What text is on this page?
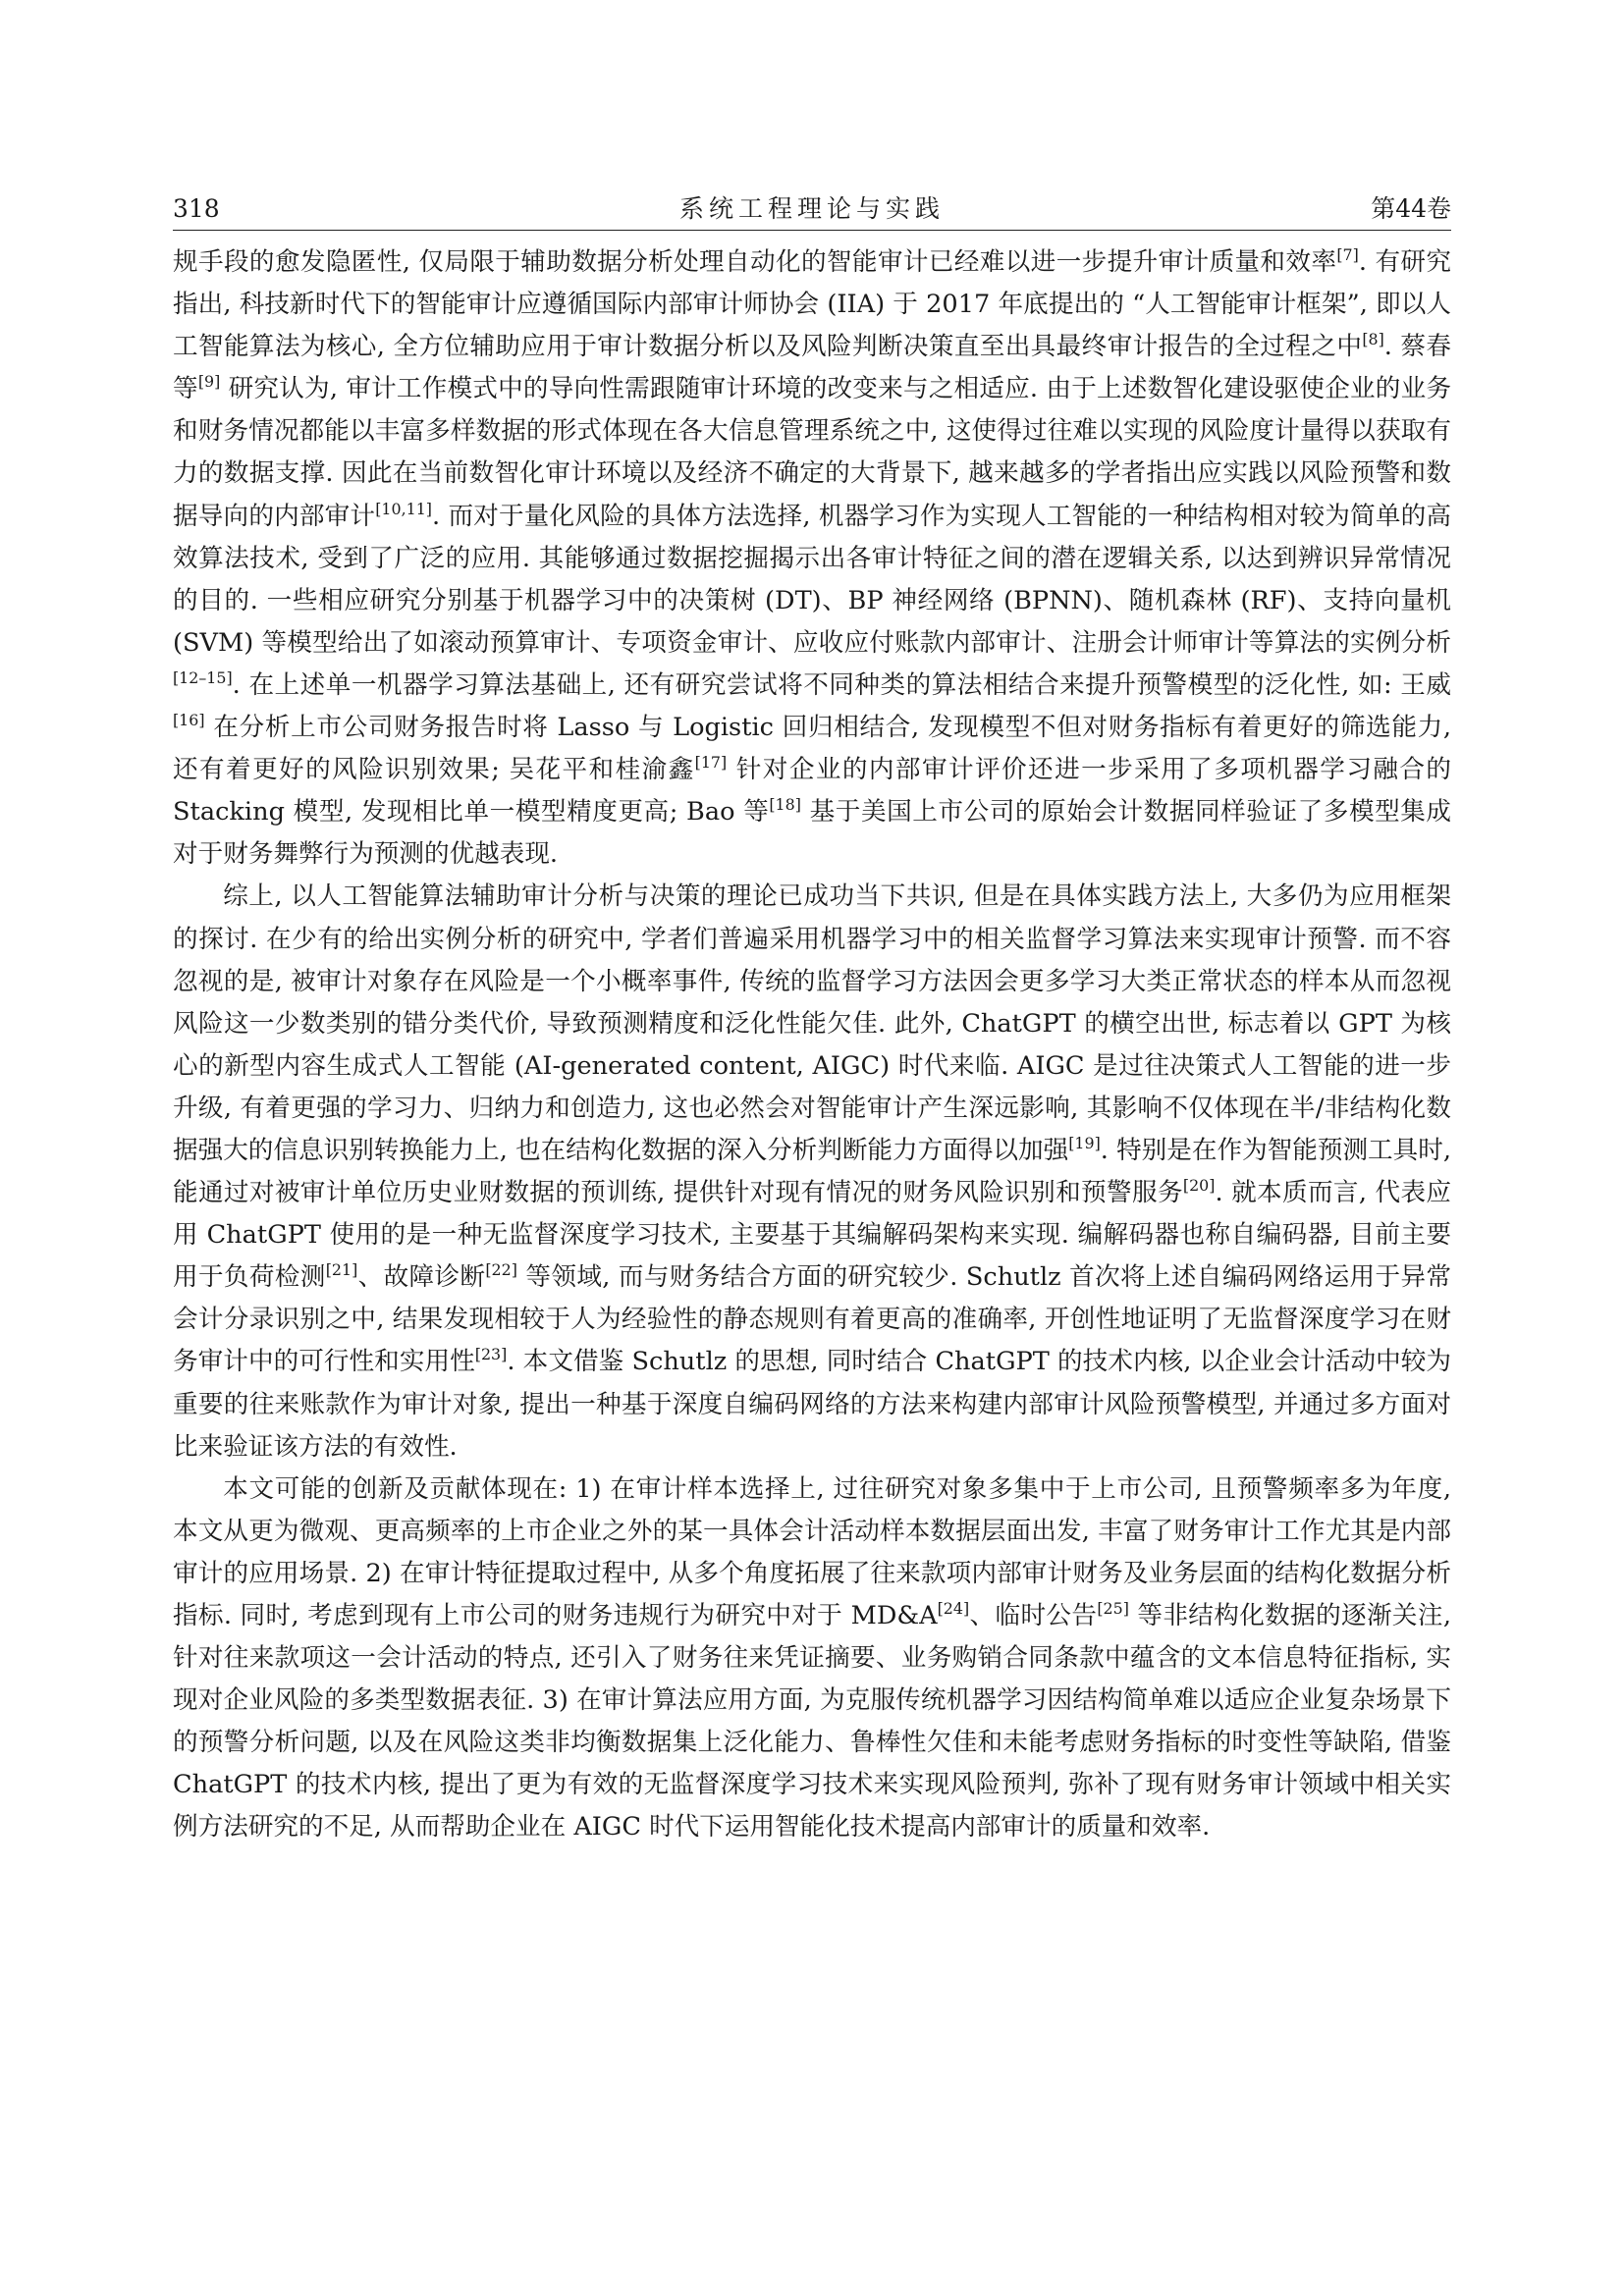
318	系统工程理论与实践	第44卷

规手段的愈发隐匿性, 仅局限于辅助数据分析处理自动化的智能审计已经难以进一步提升审计质量和效率[7]. 有研究指出, 科技新时代下的智能审计应遵循国际内部审计师协会 (IIA) 于 2017 年底提出的 “人工智能审计框架”, 即以人工智能算法为核心, 全方位辅助应用于审计数据分析以及风险判断决策直至出具最终审计报告的全过程之中[8]. 蔡春等[9] 研究认为, 审计工作模式中的导向性需跟随审计环境的改变来与之相适应. 由于上述数智化建设驱使企业的业务和财务情况都能以丰富多样数据的形式体现在各大信息管理系统之中, 这使得过往难以实现的风险度计量得以获取有力的数据支撑. 因此在当前数智化审计环境以及经济不确定的大背景下, 越来越多的学者指出应实践以风险预警和数据导向的内部审计[10,11]. 而对于量化风险的具体方法选择, 机器学习作为实现人工智能的一种结构相对较为简单的高效算法技术, 受到了广泛的应用. 其能够通过数据挖掘揭示出各审计特征之间的潜在逻辑关系, 以达到辨识异常情况的目的. 一些相应研究分别基于机器学习中的决策树 (DT)、BP 神经网络 (BPNN)、随机森林 (RF)、支持向量机 (SVM) 等模型给出了如滚动预算审计、专项资金审计、应收应付账款内部审计、注册会计师审计等算法的实例分析[12–15]. 在上述单一机器学习算法基础上, 还有研究尝试将不同种类的算法相结合来提升预警模型的泛化性, 如: 王威[16] 在分析上市公司财务报告时将 Lasso 与 Logistic 回归相结合, 发现模型不但对财务指标有着更好的筛选能力, 还有着更好的风险识别效果; 吴花平和桂渝鑫[17] 针对企业的内部审计评价还进一步采用了多项机器学习融合的 Stacking 模型, 发现相比单一模型精度更高; Bao 等[18] 基于美国上市公司的原始会计数据同样验证了多模型集成对于财务舞弊行为预测的优越表现.

综上, 以人工智能算法辅助审计分析与决策的理论已成功当下共识, 但是在具体实践方法上, 大多仍为应用框架的探讨. 在少有的给出实例分析的研究中, 学者们普遍采用机器学习中的相关监督学习算法来实现审计预警. 而不容忽视的是, 被审计对象存在风险是一个小概率事件, 传统的监督学习方法因会更多学习大类正常状态的样本从而忽视风险这一少数类别的错分类代价, 导致预测精度和泛化性能欠佳. 此外, ChatGPT 的横空出世, 标志着以 GPT 为核心的新型内容生成式人工智能 (AI-generated content, AIGC) 时代来临. AIGC 是过往决策式人工智能的进一步升级, 有着更强的学习力、归纳力和创造力, 这也必然会对智能审计产生深远影响, 其影响不仅体现在半/非结构化数据强大的信息识别转换能力上, 也在结构化数据的深入分析判断能力方面得以加强[19]. 特别是在作为智能预测工具时, 能通过对被审计单位历史业财数据的预训练, 提供针对现有情况的财务风险识别和预警服务[20]. 就本质而言, 代表应用 ChatGPT 使用的是一种无监督深度学习技术, 主要基于其编解码架构来实现. 编解码器也称自编码器, 目前主要用于负荷检测[21]、故障诊断[22] 等领域, 而与财务结合方面的研究较少. Schutlz 首次将上述自编码网络运用于异常会计分录识别之中, 结果发现相较于人为经验性的静态规则有着更高的准确率, 开创性地证明了无监督深度学习在财务审计中的可行性和实用性[23]. 本文借鉴 Schutlz 的思想, 同时结合 ChatGPT 的技术内核, 以企业会计活动中较为重要的往来账款作为审计对象, 提出一种基于深度自编码网络的方法来构建内部审计风险预警模型, 并通过多方面对比来验证该方法的有效性.

本文可能的创新及贡献体现在: 1) 在审计样本选择上, 过往研究对象多集中于上市公司, 且预警频率多为年度, 本文从更为微观、更高频率的上市企业之外的某一具体会计活动样本数据层面出发, 丰富了财务审计工作尤其是内部审计的应用场景. 2) 在审计特征提取过程中, 从多个角度拓展了往来款项内部审计财务及业务层面的结构化数据分析指标. 同时, 考虑到现有上市公司的财务违规行为研究中对于 MD&A[24]、临时公告[25] 等非结构化数据的逐渐关注, 针对往来款项这一会计活动的特点, 还引入了财务往来凭证摘要、业务购销合同条款中蕴含的文本信息特征指标, 实现对企业风险的多类型数据表征. 3) 在审计算法应用方面, 为克服传统机器学习因结构简单难以适应企业复杂场景下的预警分析问题, 以及在风险这类非均衡数据集上泛化能力、鲁棒性欠佳和未能考虑财务指标的时变性等缺陷, 借鉴 ChatGPT 的技术内核, 提出了更为有效的无监督深度学习技术来实现风险预判, 弥补了现有财务审计领域中相关实例方法研究的不足, 从而帮助企业在 AIGC 时代下运用智能化技术提高内部审计的质量和效率.
